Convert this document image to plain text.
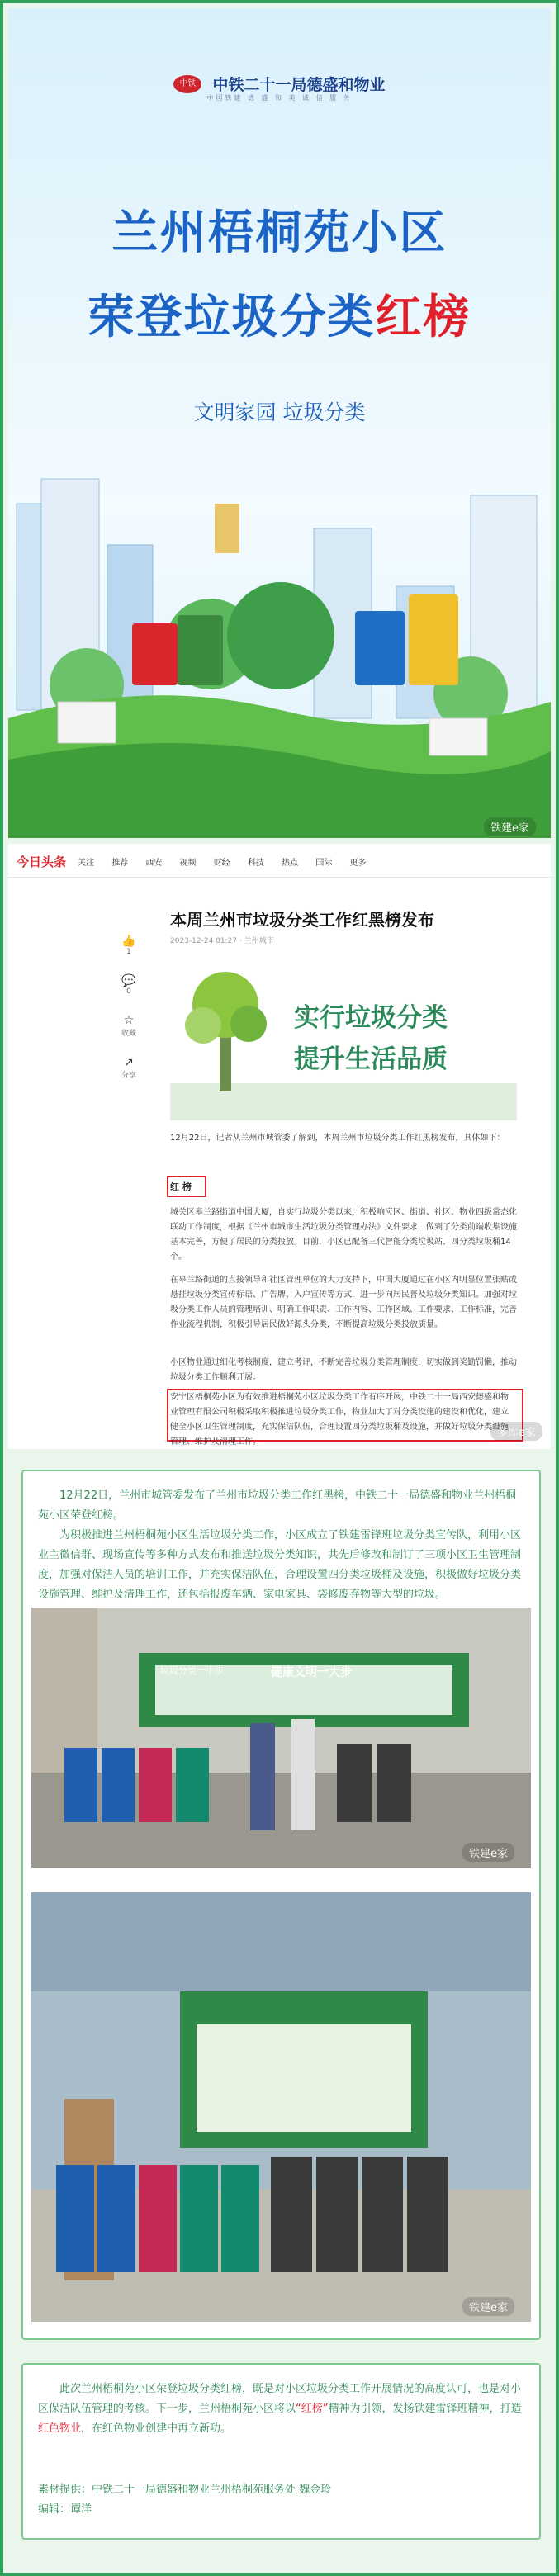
中铁 中铁二十一局德盛和物业
中国铁建 德 盛 和 美 诚 信 服 务
兰州梧桐苑小区
荣登垃圾分类红榜
文明家园 垃圾分类
铁建e家
今日头条 关注 推荐 西安 视频 财经 科技 热点 国际 更多
👍
1
💬
0
☆
收藏
↗
分享
本周兰州市垃圾分类工作红黑榜发布
2023-12-24 01:27 · 兰州城市
实行垃圾分类
提升生活品质
12月22日，记者从兰州市城管委了解到，本周兰州市垃圾分类工作红黑榜发布，具体如下：
红 榜
城关区皋兰路街道中国大厦，自实行垃圾分类以来，积极响应区、街道、社区、物业四级常态化联动工作制度，根据《兰州市城市生活垃圾分类管理办法》文件要求，做到了分类前端收集设施基本完善，方便了居民的分类投放。目前，小区已配备三代智能分类垃圾站、四分类垃圾桶14个。
在皋兰路街道的直接领导和社区管理单位的大力支持下，中国大厦通过在小区内明显位置张贴或悬挂垃圾分类宣传标语、广告牌、入户宣传等方式，进一步向居民普及垃圾分类知识。加强对垃圾分类工作人员的管理培训、明确工作职责、工作内容、工作区域、工作要求、工作标准，完善作业流程机制，积极引导居民做好源头分类，不断提高垃圾分类投放质量。
小区物业通过细化考核制度，建立考评，不断完善垃圾分类管理制度，切实做到奖勤罚懒，推动垃圾分类工作顺利开展。
安宁区梧桐苑小区为有效推进梧桐苑小区垃圾分类工作有序开展，中铁二十一局西安德盛和物业管理有限公司积极采取积极推进垃圾分类工作，物业加大了对分类设施的建设和优化，建立健全小区卫生管理制度，充实保洁队伍，合理设置四分类垃圾桶及设施，并做好垃圾分类设施管理、维护及清理工作。
多库e家

12月22日，兰州市城管委发布了兰州市垃圾分类工作红黑榜，中铁二十一局德盛和物业兰州梧桐苑小区荣登红榜。

为积极推进兰州梧桐苑小区生活垃圾分类工作，小区成立了铁建雷锋班垃圾分类宣传队，利用小区业主微信群、现场宣传等多种方式发布和推送垃圾分类知识，共先后修改和制订了三项小区卫生管理制度，加强对保洁人员的培训工作，并充实保洁队伍，合理设置四分类垃圾桶及设施，积极做好垃圾分类设施管理、维护及清理工作，还包括报废车辆、家电家具、袋修废弃物等大型的垃圾。

健康文明一大步
垃圾分类一小步
铁建e家
铁建e家

此次兰州梧桐苑小区荣登垃圾分类红榜，既是对小区垃圾分类工作开展情况的高度认可，也是对小区保洁队伍管理的考核。下一步，兰州梧桐苑小区将以“红榜”精神为引领，发扬铁建雷锋班精神，打造红色物业，在红色物业创建中再立新功。

素材提供：中铁二十一局德盛和物业兰州梧桐苑服务处 魏金玲
编辑：谭洋
